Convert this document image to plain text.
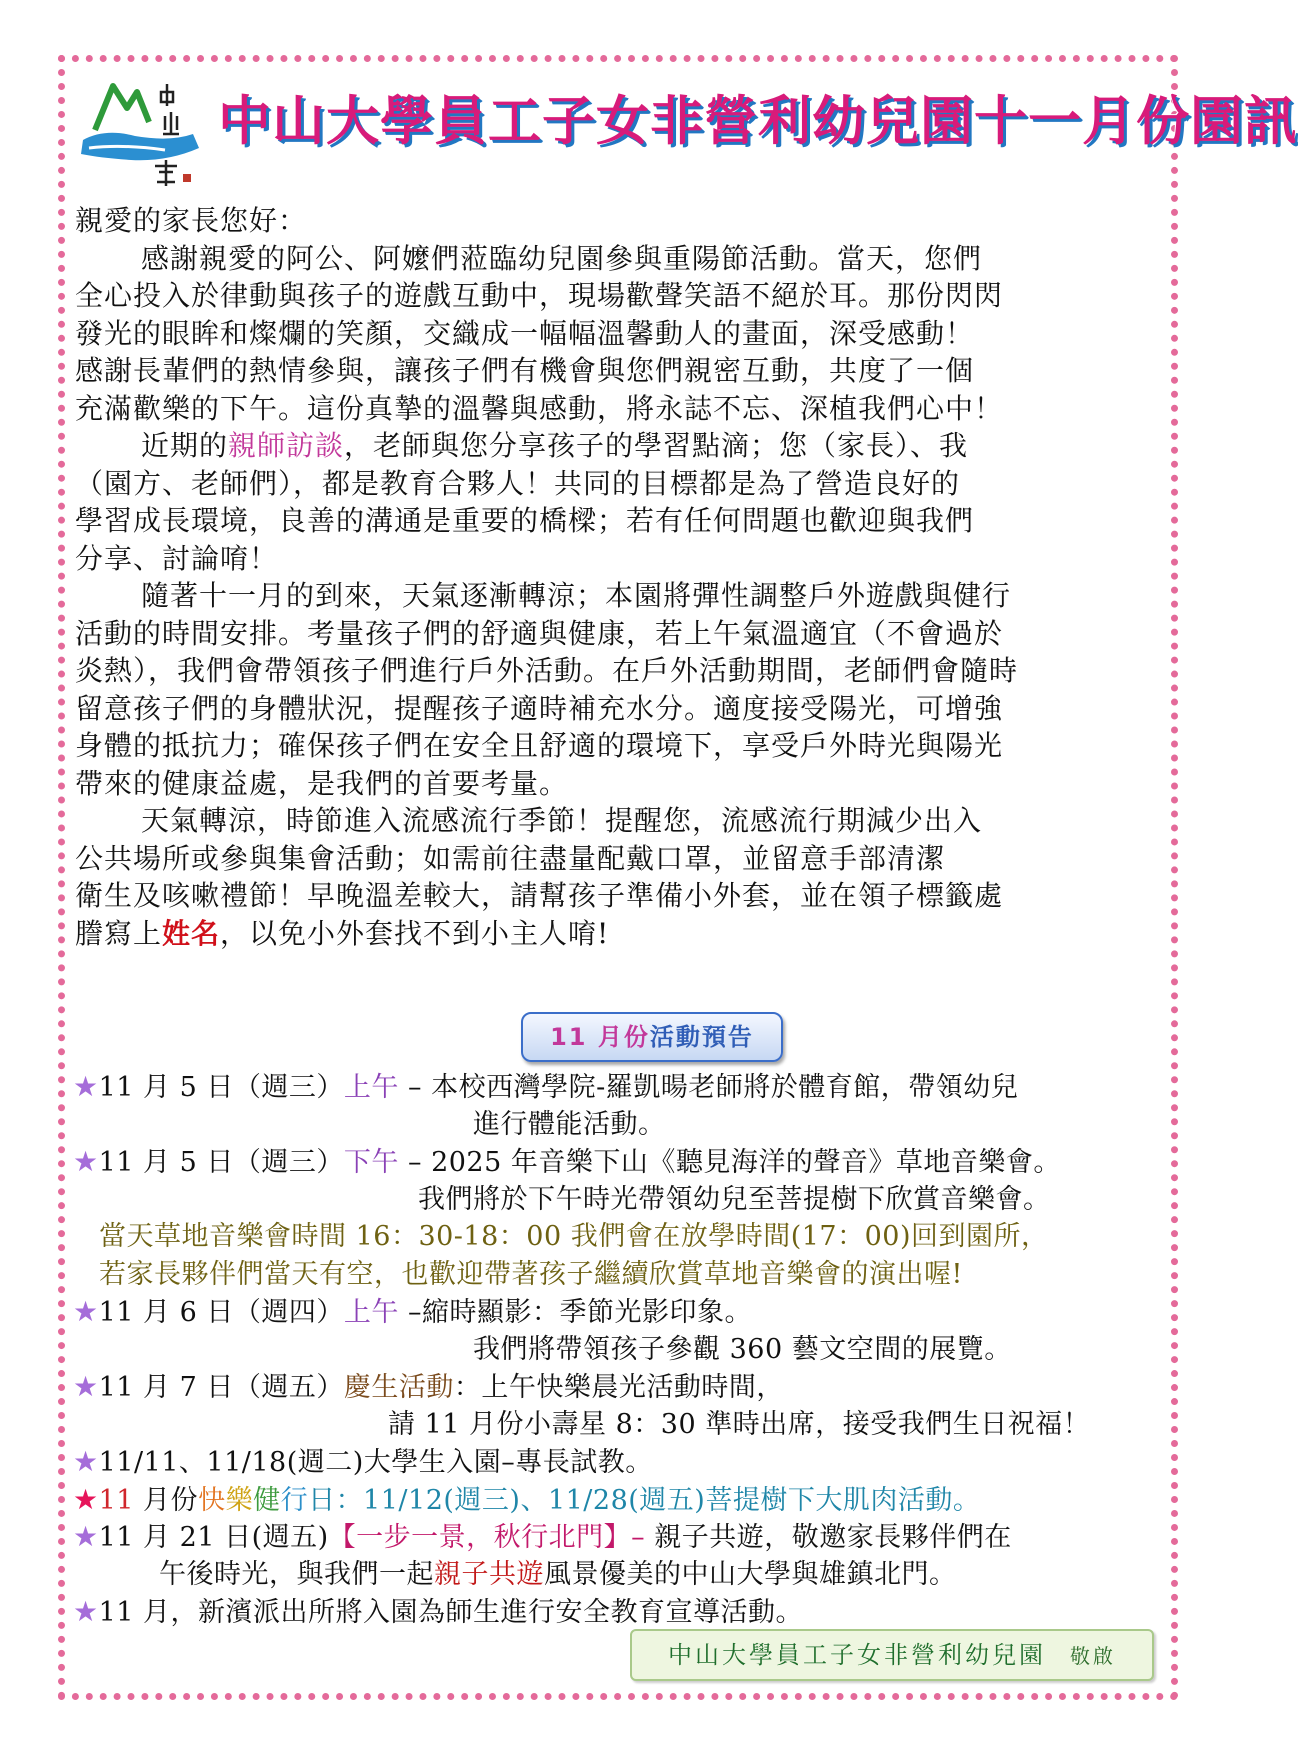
中山大學員工子女非營利幼兒園十一月份園訊
親愛的家長您好：
感謝親愛的阿公、阿嬤們蒞臨幼兒園參與重陽節活動。當天，您們
全心投入於律動與孩子的遊戲互動中，現場歡聲笑語不絕於耳。那份閃閃
發光的眼眸和燦爛的笑顏，交織成一幅幅溫馨動人的畫面，深受感動！
感謝長輩們的熱情參與，讓孩子們有機會與您們親密互動，共度了一個
充滿歡樂的下午。這份真摯的溫馨與感動，將永誌不忘、深植我們心中！
近期的親師訪談，老師與您分享孩子的學習點滴；您（家長）、我
（園方、老師們），都是教育合夥人！共同的目標都是為了營造良好的
學習成長環境，良善的溝通是重要的橋樑；若有任何問題也歡迎與我們
分享、討論唷！
隨著十一月的到來，天氣逐漸轉涼；本園將彈性調整戶外遊戲與健行
活動的時間安排。考量孩子們的舒適與健康，若上午氣溫適宜（不會過於
炎熱），我們會帶領孩子們進行戶外活動。在戶外活動期間，老師們會隨時
留意孩子們的身體狀況，提醒孩子適時補充水分。適度接受陽光，可增強
身體的抵抗力；確保孩子們在安全且舒適的環境下，享受戶外時光與陽光
帶來的健康益處，是我們的首要考量。
天氣轉涼，時節進入流感流行季節！提醒您，流感流行期減少出入
公共場所或參與集會活動；如需前往盡量配戴口罩，並留意手部清潔
衛生及咳嗽禮節！早晚溫差較大，請幫孩子準備小外套，並在領子標籤處
謄寫上姓名，以免小外套找不到小主人唷!
11 月份活動預告
★11 月 5 日（週三）上午 – 本校西灣學院-羅凱暘老師將於體育館，帶領幼兒
進行體能活動。
★11 月 5 日（週三）下午 – 2025 年音樂下山《聽見海洋的聲音》草地音樂會。
我們將於下午時光帶領幼兒至菩提樹下欣賞音樂會。
當天草地音樂會時間 16：30-18：00 我們會在放學時間(17：00)回到園所，
若家長夥伴們當天有空，也歡迎帶著孩子繼續欣賞草地音樂會的演出喔!
★11 月 6 日（週四）上午 –縮時顯影：季節光影印象。
我們將帶領孩子參觀 360 藝文空間的展覽。
★11 月 7 日（週五）慶生活動：上午快樂晨光活動時間，
請 11 月份小壽星 8：30 準時出席，接受我們生日祝福！
★11/11、11/18(週二)大學生入園–專長試教。
★11 月份快樂健行日：11/12(週三)、11/28(週五)菩提樹下大肌肉活動。
★11 月 21 日(週五)【一步一景，秋行北門】– 親子共遊，敬邀家長夥伴們在
午後時光，與我們一起親子共遊風景優美的中山大學與雄鎮北門。
★11 月，新濱派出所將入園為師生進行安全教育宣導活動。
中山大學員工子女非營利幼兒園 敬啟
